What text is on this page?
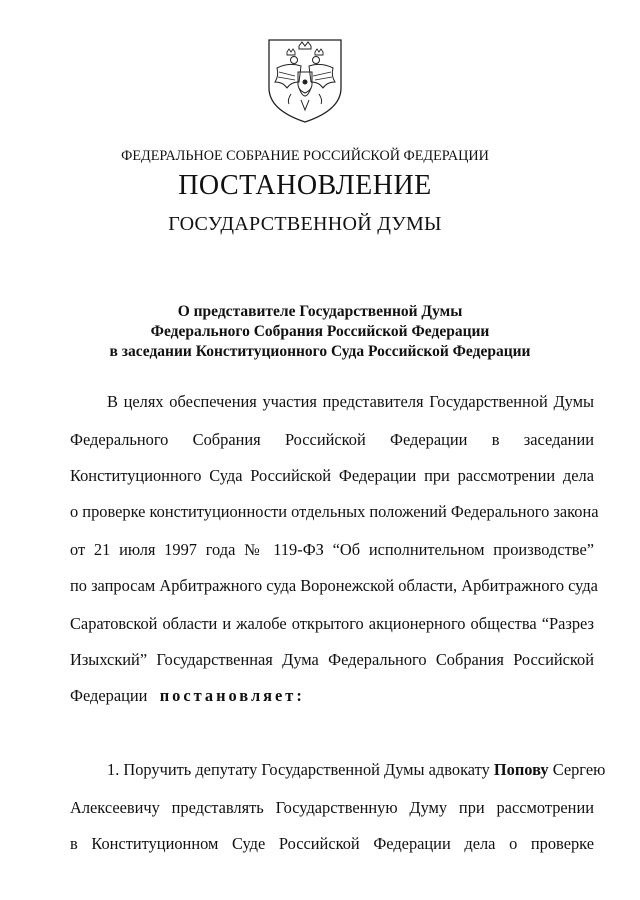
ФЕДЕРАЛЬНОЕ СОБРАНИЕ РОССИЙСКОЙ ФЕДЕРАЦИИ
ПОСТАНОВЛЕНИЕ
ГОСУДАРСТВЕННОЙ ДУМЫ
О представителе Государственной Думы
Федерального Собрания Российской Федерации
в заседании Конституционного Суда Российской Федерации
В целях обеспечения участия представителя Государственной Думы
Федерального Собрания Российской Федерации в заседании
Конституционного Суда Российской Федерации при рассмотрении дела
о проверке конституционности отдельных положений Федерального закона
от 21 июля 1997 года № 119-ФЗ “Об исполнительном производстве”
по запросам Арбитражного суда Воронежской области, Арбитражного суда
Саратовской области и жалобе открытого акционерного общества “Разрез
Изыхский” Государственная Дума Федерального Собрания Российской
Федерации постановляет:
1. Поручить депутату Государственной Думы адвокату Попову Сергею
Алексеевичу представлять Государственную Думу при рассмотрении
в Конституционном Суде Российской Федерации дела о проверке
